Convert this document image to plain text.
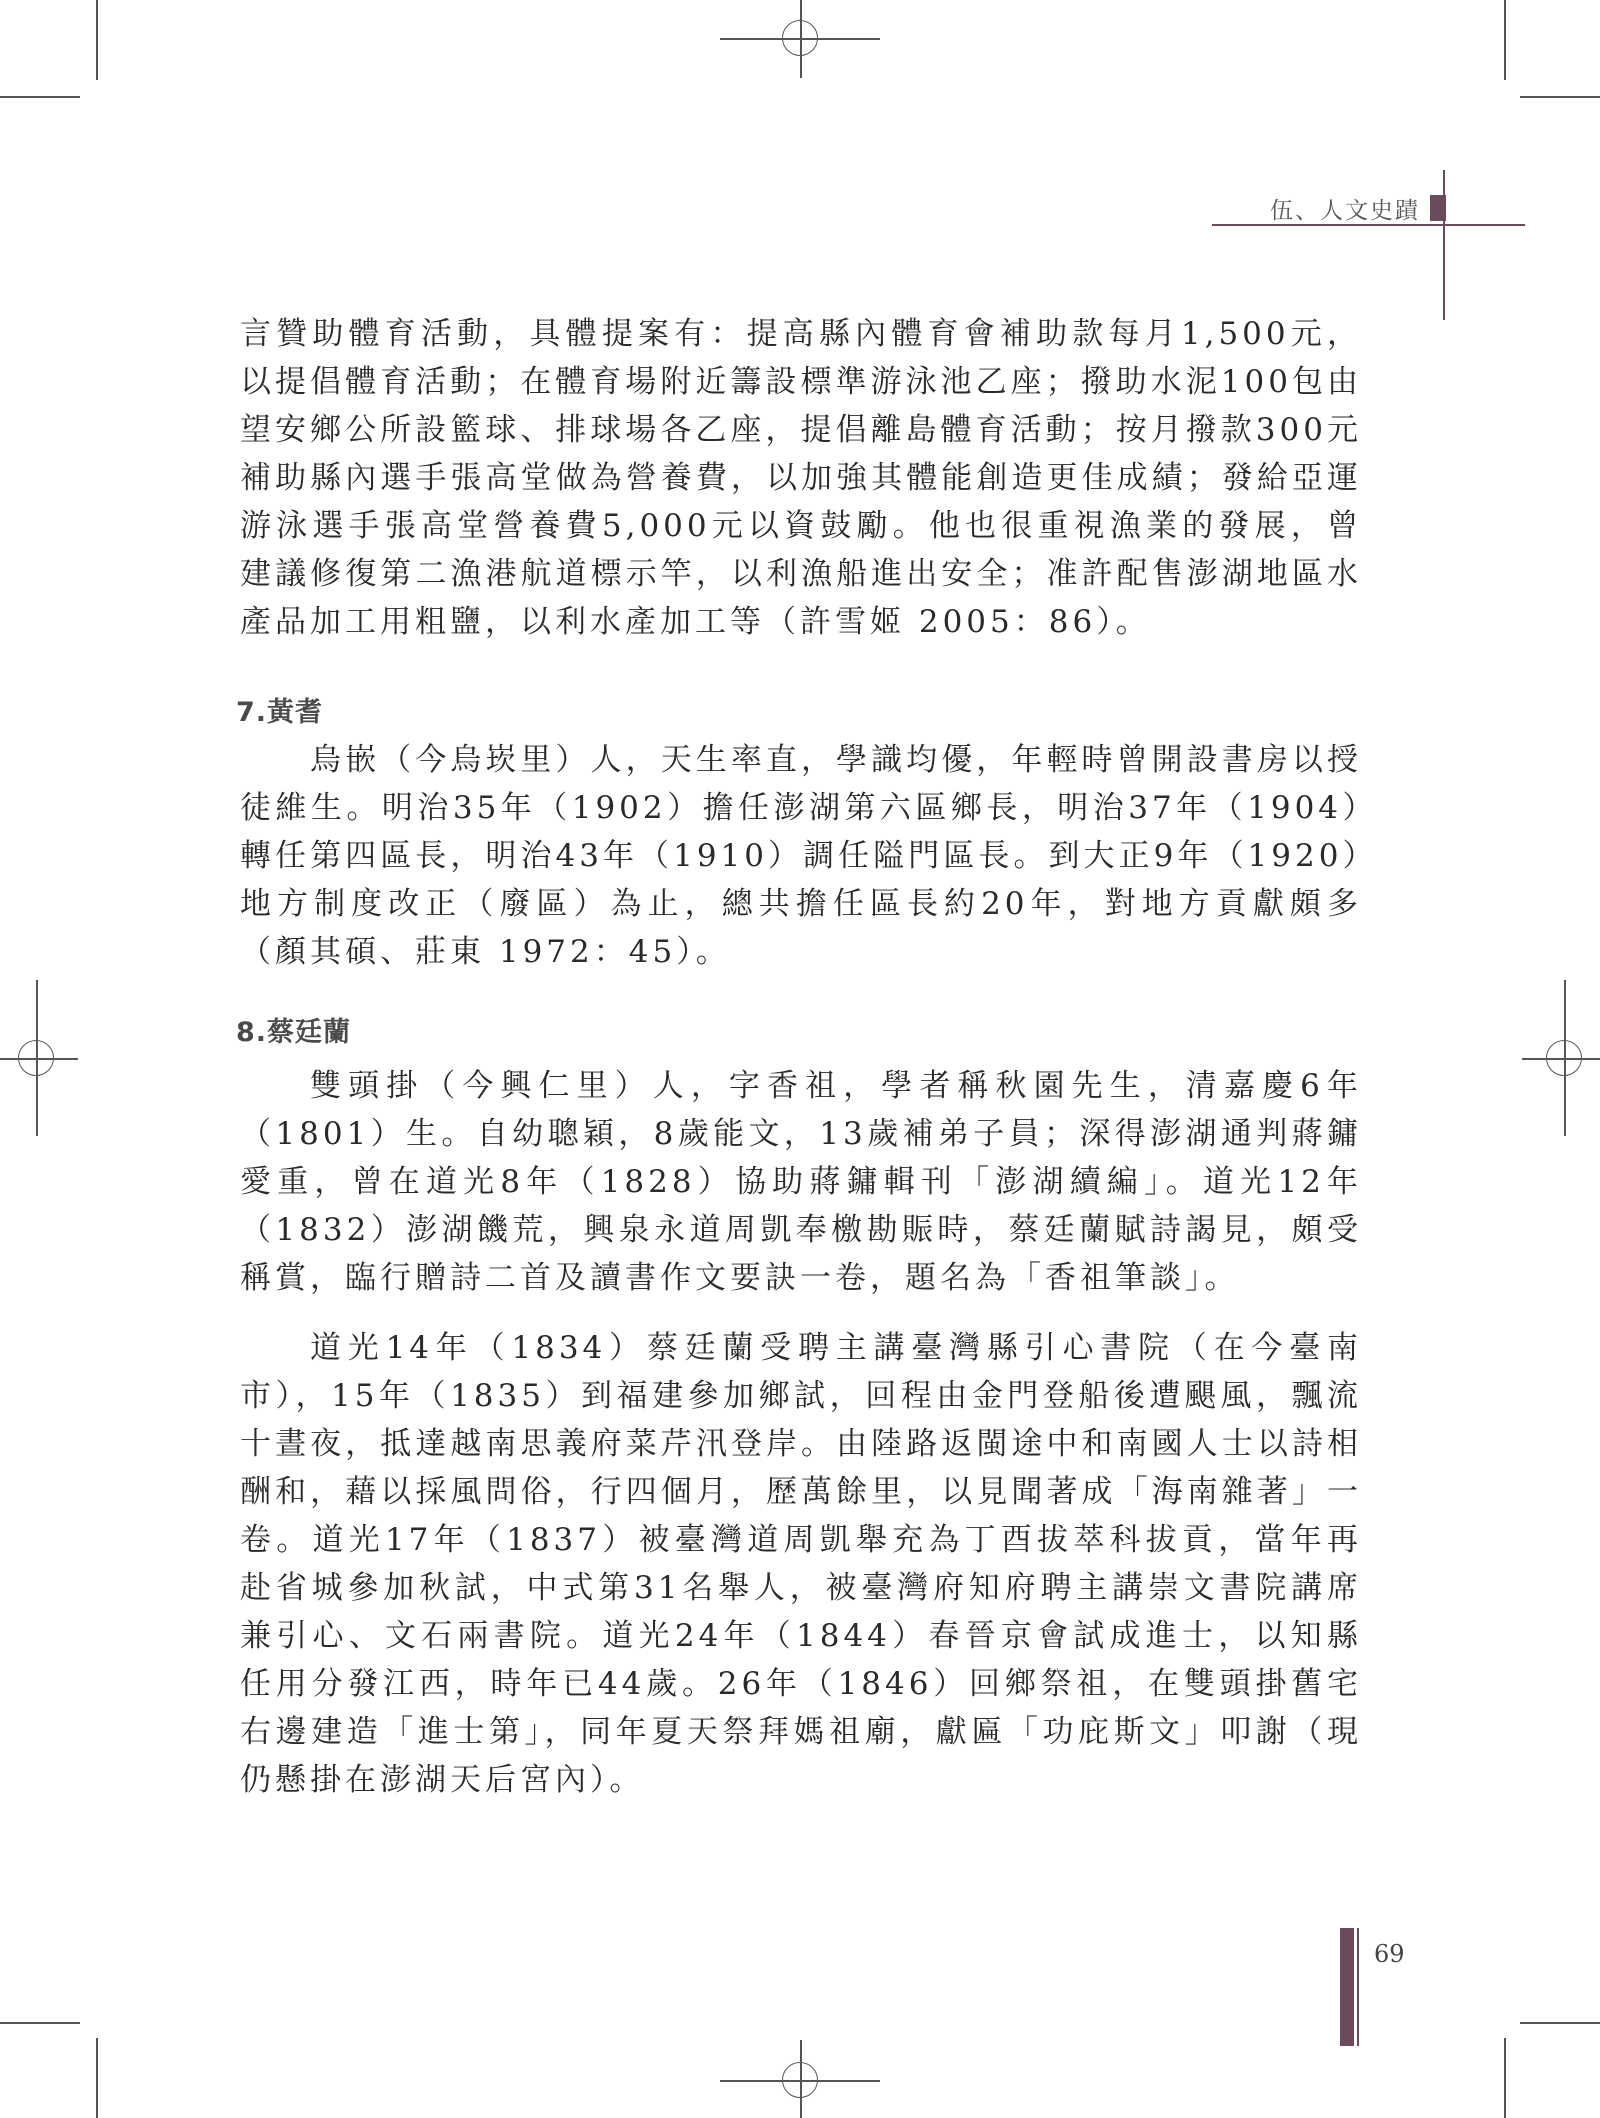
伍、人文史蹟

言贊助體育活動，具體提案有：提高縣內體育會補助款每月1,500元，以提倡體育活動；在體育場附近籌設標準游泳池乙座；撥助水泥100包由望安鄉公所設籃球、排球場各乙座，提倡離島體育活動；按月撥款300元補助縣內選手張高堂做為營養費，以加強其體能創造更佳成績；發給亞運游泳選手張高堂營養費5,000元以資鼓勵。他也很重視漁業的發展，曾建議修復第二漁港航道標示竿，以利漁船進出安全；准許配售澎湖地區水產品加工用粗鹽，以利水產加工等（許雪姬 2005：86）。

7.黃耆

烏嵌（今烏崁里）人，天生率直，學識均優，年輕時曾開設書房以授徒維生。明治35年（1902）擔任澎湖第六區鄉長，明治37年（1904）轉任第四區長，明治43年（1910）調任隘門區長。到大正9年（1920）地方制度改正（廢區）為止，總共擔任區長約20年，對地方貢獻頗多（顏其碩、莊東 1972：45）。

8.蔡廷蘭

雙頭掛（今興仁里）人，字香祖，學者稱秋園先生，清嘉慶6年（1801）生。自幼聰穎，8歲能文，13歲補弟子員；深得澎湖通判蔣鏞愛重，曾在道光8年（1828）協助蔣鏞輯刊「澎湖續編」。道光12年（1832）澎湖饑荒，興泉永道周凱奉檄勘賑時，蔡廷蘭賦詩謁見，頗受稱賞，臨行贈詩二首及讀書作文要訣一卷，題名為「香祖筆談」。

道光14年（1834）蔡廷蘭受聘主講臺灣縣引心書院（在今臺南市），15年（1835）到福建參加鄉試，回程由金門登船後遭颶風，飄流十晝夜，抵達越南思義府菜芹汛登岸。由陸路返閩途中和南國人士以詩相酬和，藉以採風問俗，行四個月，歷萬餘里，以見聞著成「海南雜著」一卷。道光17年（1837）被臺灣道周凱舉充為丁酉拔萃科拔貢，當年再赴省城參加秋試，中式第31名舉人，被臺灣府知府聘主講崇文書院講席兼引心、文石兩書院。道光24年（1844）春晉京會試成進士，以知縣任用分發江西，時年已44歲。26年（1846）回鄉祭祖，在雙頭掛舊宅右邊建造「進士第」，同年夏天祭拜媽祖廟，獻匾「功庇斯文」叩謝（現仍懸掛在澎湖天后宮內）。

69
